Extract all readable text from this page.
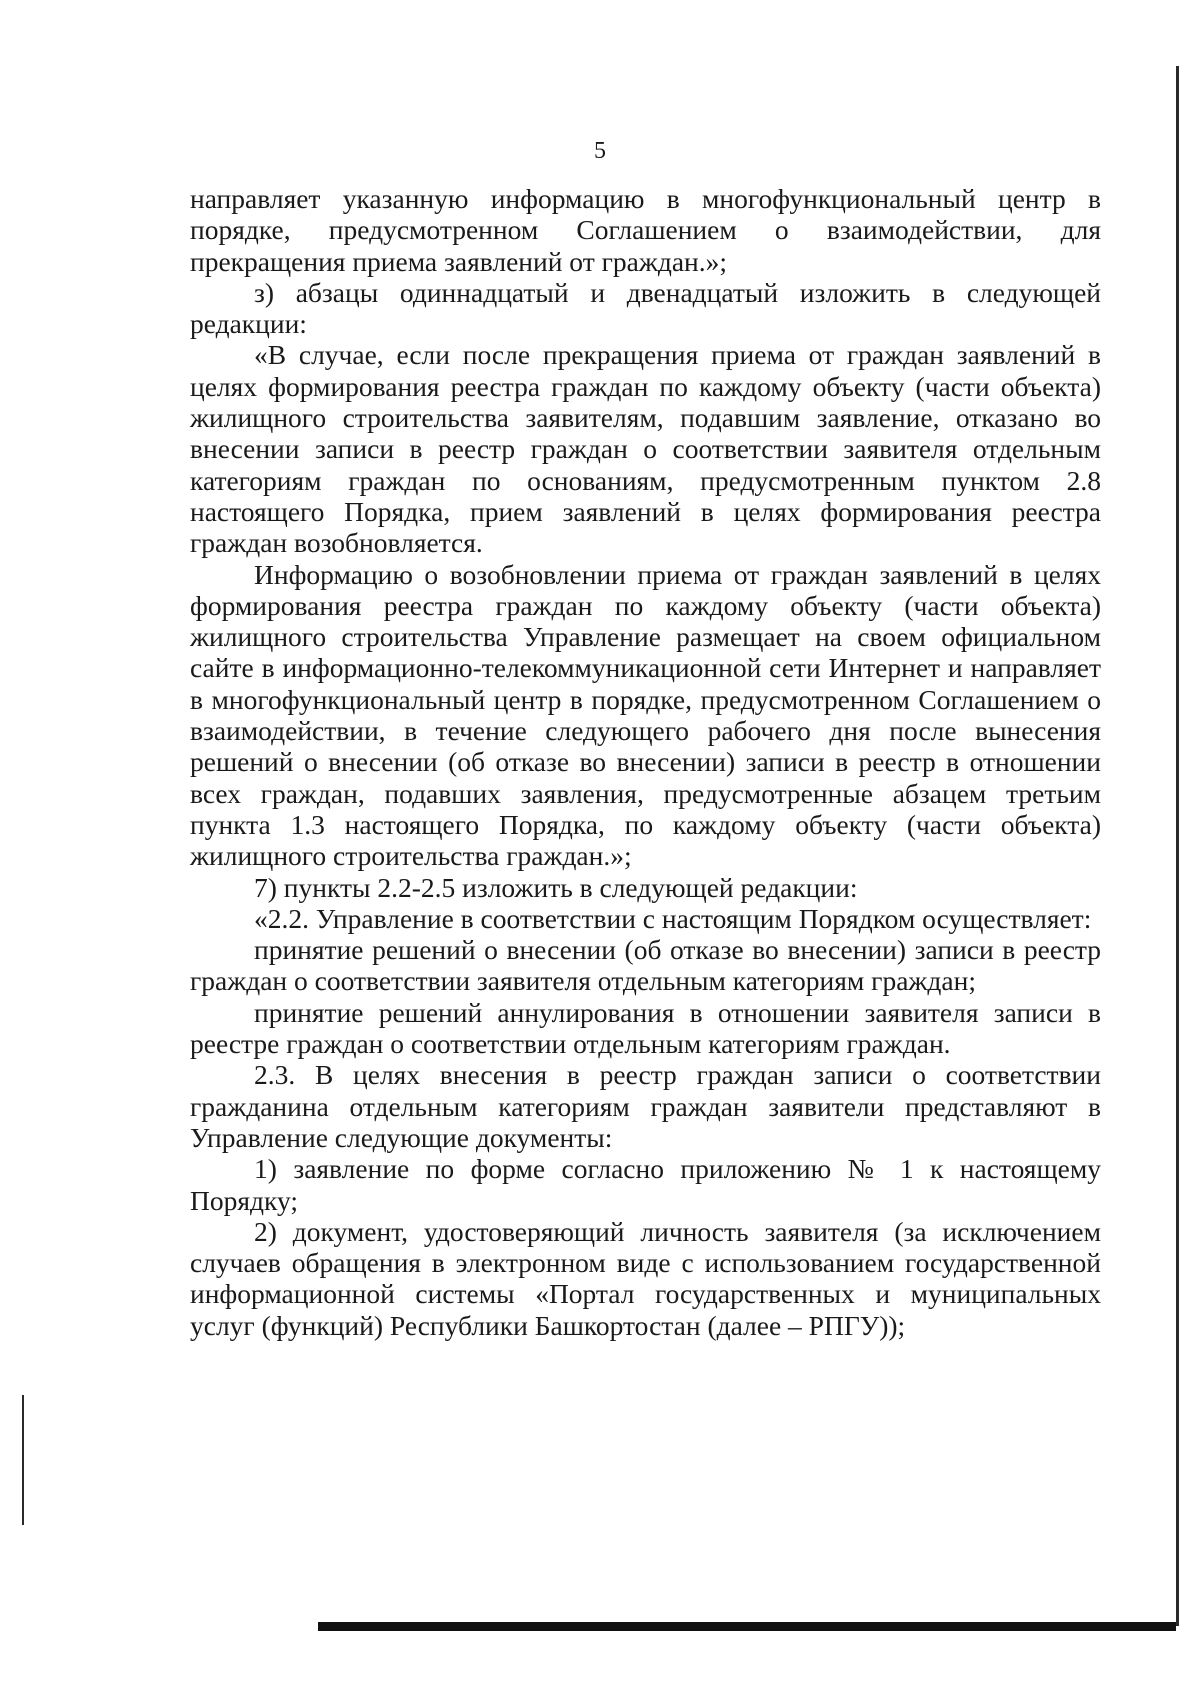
5

направляет указанную информацию в многофункциональный центр в порядке, предусмотренном Соглашением о взаимодействии, для прекращения приема заявлений от граждан.»;

з) абзацы одиннадцатый и двенадцатый изложить в следующей редакции:

«В случае, если после прекращения приема от граждан заявлений в целях формирования реестра граждан по каждому объекту (части объекта) жилищного строительства заявителям, подавшим заявление, отказано во внесении записи в реестр граждан о соответствии заявителя отдельным категориям граждан по основаниям, предусмотренным пунктом 2.8 настоящего Порядка, прием заявлений в целях формирования реестра граждан возобновляется.

Информацию о возобновлении приема от граждан заявлений в целях формирования реестра граждан по каждому объекту (части объекта) жилищного строительства Управление размещает на своем официальном сайте в информационно-телекоммуникационной сети Интернет и направляет в многофункциональный центр в порядке, предусмотренном Соглашением о взаимодействии, в течение следующего рабочего дня после вынесения решений о внесении (об отказе во внесении) записи в реестр в отношении всех граждан, подавших заявления, предусмотренные абзацем третьим пункта 1.3 настоящего Порядка, по каждому объекту (части объекта) жилищного строительства граждан.»;

7) пункты 2.2-2.5 изложить в следующей редакции:

«2.2. Управление в соответствии с настоящим Порядком осуществляет:

принятие решений о внесении (об отказе во внесении) записи в реестр граждан о соответствии заявителя отдельным категориям граждан;

принятие решений аннулирования в отношении заявителя записи в реестре граждан о соответствии отдельным категориям граждан.

2.3. В целях внесения в реестр граждан записи о соответствии гражданина отдельным категориям граждан заявители представляют в Управление следующие документы:

1) заявление по форме согласно приложению № 1 к настоящему Порядку;

2) документ, удостоверяющий личность заявителя (за исключением случаев обращения в электронном виде с использованием государственной информационной системы «Портал государственных и муниципальных услуг (функций) Республики Башкортостан (далее – РПГУ));
